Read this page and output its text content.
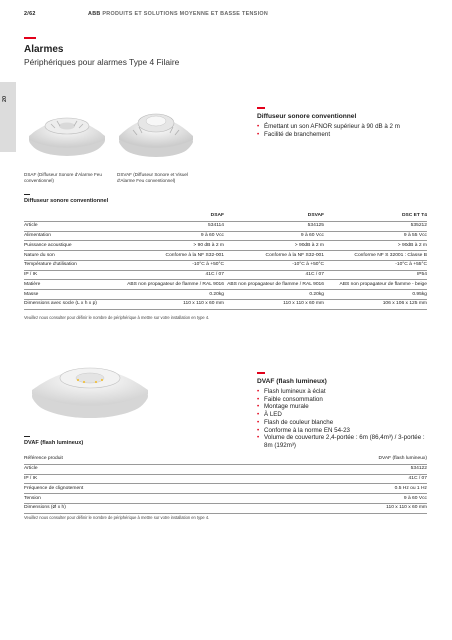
2/62	ABB PRODUITS ET SOLUTIONS MOYENNE ET BASSE TENSION
20
Alarmes
Périphériques pour alarmes Type 4 Filaire
DSAF (Diffuseur Sonore d'Alarme Feu conventionnel)
DSVAF (Diffuseur Sonore et Visuel d'Alarme Feu conventionnel)
Diffuseur sonore conventionnel
• Émettant un son AFNOR supérieur à 90 dB à 2 m
• Facilité de branchement
Diffuseur sonore conventionnel
	DSAF	DSVAF	DSC ET T4
Article	534114	534125	535212
Alimentation	9 à 60 Vcc	9 à 60 Vcc	9 à 55 Vcc
Puissance acoustique	> 90 dB à 2 m	> 90dB à 2 m	> 90dB à 2 m
Nature du son	Conforme à la NF S32-001	Conforme à la NF S32-001	Conforme NF S 32001 : Classe B
Température d'utilisation	-10°C à +50°C	-10°C à +50°C	-10°C à +55°C
IP / IK	41C / 07	41C / 07	IP54
Matière	ABS non propagateur de flamme / RAL 9016	ABS non propagateur de flamme / RAL 9016	ABS non propagateur de flamme - beige
Masse	0.20kg	0.20kg	0.95kg
Dimensions avec socle (L x h x p)	110 x 110 x 60 mm	110 x 110 x 60 mm	106 x 106 x 125 mm
Veuillez nous consulter pour définir le nombre de périphérique à mettre sur votre installation en type 4.
DVAF (flash lumineux)
• Flash lumineux à éclat
• Faible consommation
• Montage murale
• À LED
• Flash de couleur blanche
• Conforme à la norme EN 54-23
• Volume de couverture 2,4-portée : 6m (86,4m³) / 3-portée : 8m (192m³)
DVAF (flash lumineux)
Référence produit	DVAF (flash lumineux)
Article	534122
IP / IK	41C / 07
Fréquence de clignotement	0.5 Hz ou 1 Hz
Tension	9 à 60 Vcc
Dimensions (Ø x h)	110 x 110 x 60 mm
Veuillez nous consulter pour définir le nombre de périphérique à mettre sur votre installation en type 4.
